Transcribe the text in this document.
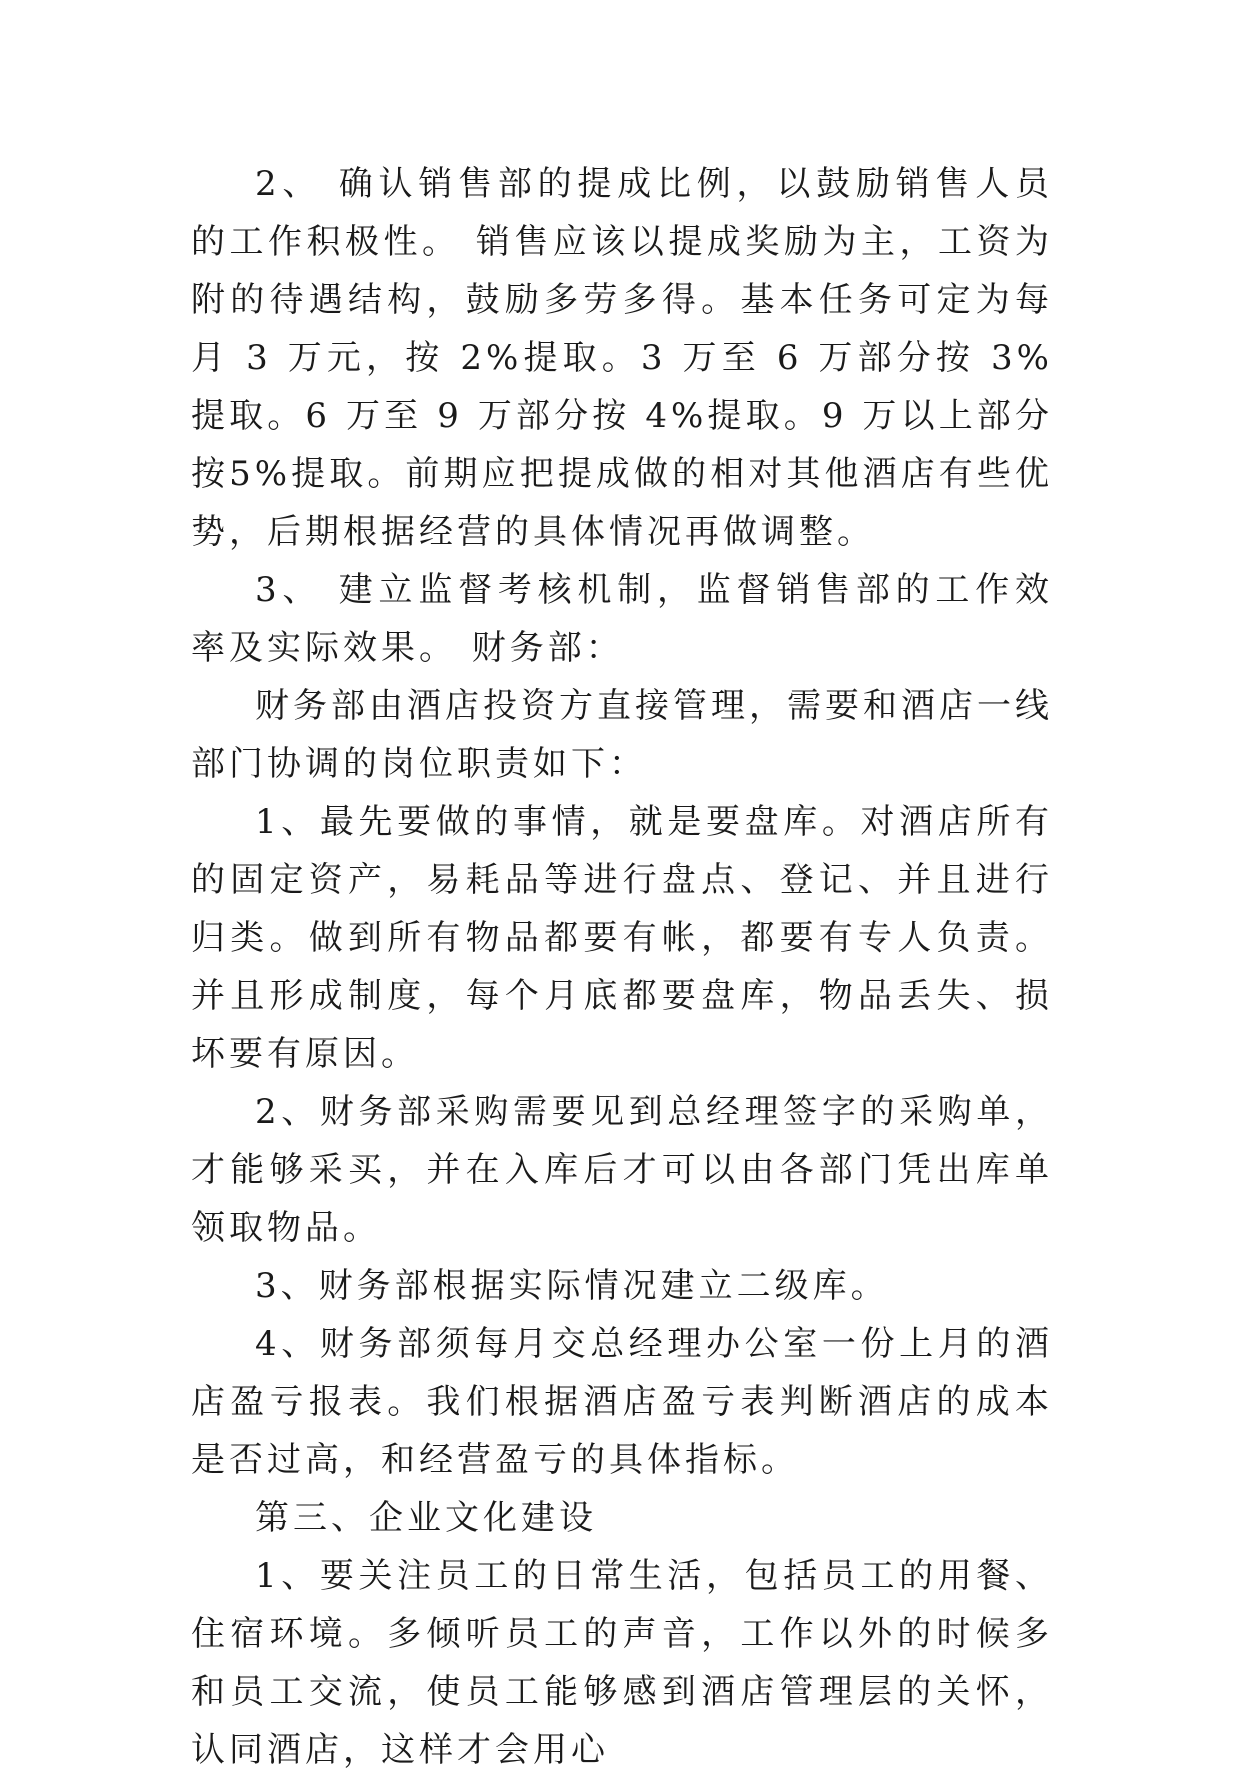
2、 确认销售部的提成比例，以鼓励销售人员的工作积极性。 销售应该以提成奖励为主，工资为附的待遇结构，鼓励多劳多得。基本任务可定为每月 3 万元，按 2%提取。3 万至 6 万部分按 3%提取。6 万至 9 万部分按 4%提取。9 万以上部分按5%提取。前期应把提成做的相对其他酒店有些优势，后期根据经营的具体情况再做调整。

3、 建立监督考核机制，监督销售部的工作效率及实际效果。 财务部：

财务部由酒店投资方直接管理，需要和酒店一线部门协调的岗位职责如下：

1、最先要做的事情，就是要盘库。对酒店所有的固定资产，易耗品等进行盘点、登记、并且进行归类。做到所有物品都要有帐，都要有专人负责。并且形成制度，每个月底都要盘库，物品丢失、损坏要有原因。

2、财务部采购需要见到总经理签字的采购单，才能够采买，并在入库后才可以由各部门凭出库单领取物品。

3、财务部根据实际情况建立二级库。

4、财务部须每月交总经理办公室一份上月的酒店盈亏报表。我们根据酒店盈亏表判断酒店的成本是否过高，和经营盈亏的具体指标。

第三、企业文化建设

1、要关注员工的日常生活，包括员工的用餐、住宿环境。多倾听员工的声音，工作以外的时候多和员工交流，使员工能够感到酒店管理层的关怀，认同酒店，这样才会用心
